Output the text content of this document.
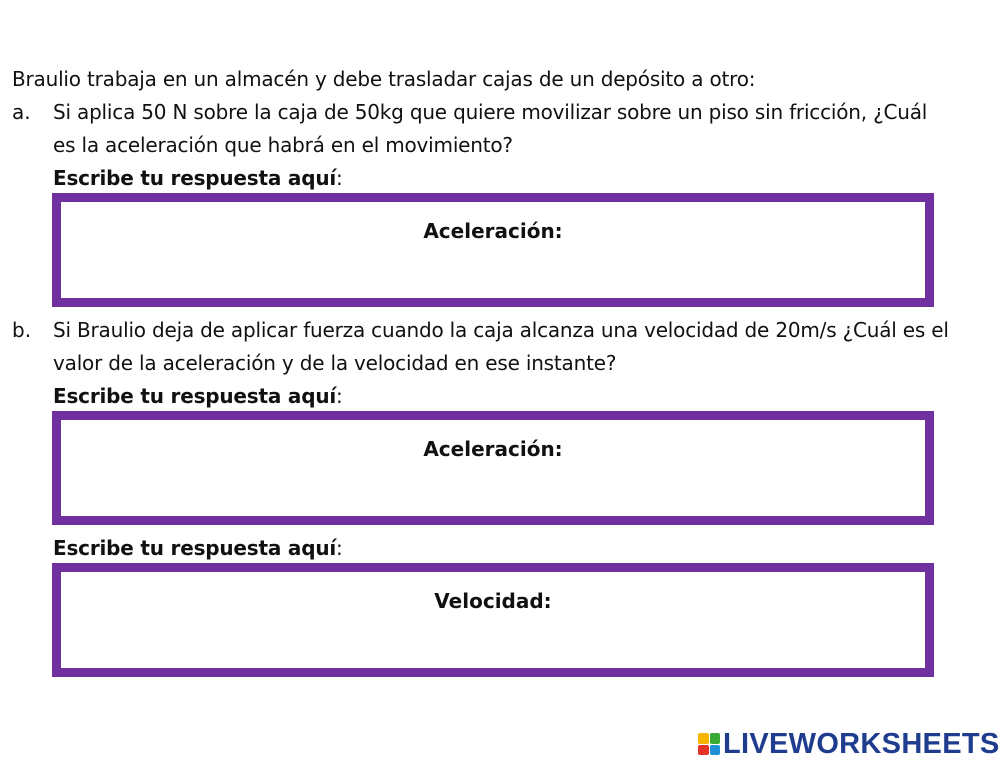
Braulio trabaja en un almacén y debe trasladar cajas de un depósito a otro:
a. Si aplica 50 N sobre la caja de 50kg que quiere movilizar sobre un piso sin fricción, ¿Cuál
es la aceleración que habrá en el movimiento?
Escribe tu respuesta aquí:
Aceleración:
b. Si Braulio deja de aplicar fuerza cuando la caja alcanza una velocidad de 20m/s ¿Cuál es el
valor de la aceleración y de la velocidad en ese instante?
Escribe tu respuesta aquí:
Aceleración:
Escribe tu respuesta aquí:
Velocidad:
LIVEWORKSHEETS
